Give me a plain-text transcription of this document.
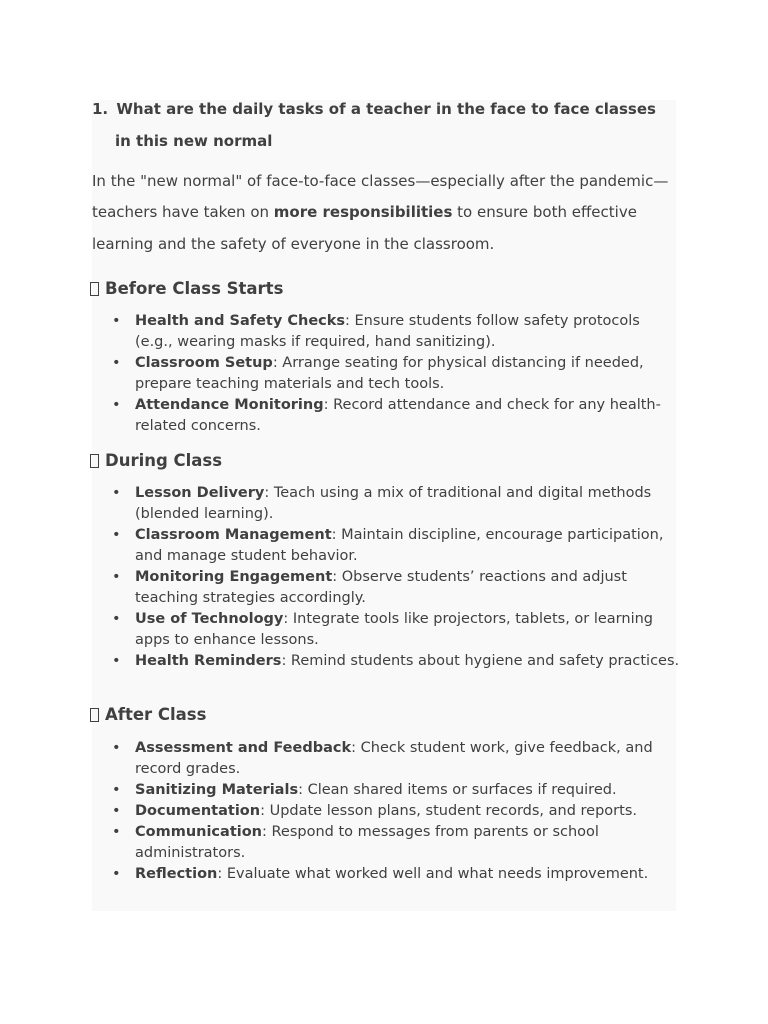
1. What are the daily tasks of a teacher in the face to face classes
in this new normal
In the "new normal" of face-to-face classes—especially after the pandemic—
teachers have taken on more responsibilities to ensure both effective
learning and the safety of everyone in the classroom.
Before Class Starts
• Health and Safety Checks: Ensure students follow safety protocols (e.g., wearing masks if required, hand sanitizing).
• Classroom Setup: Arrange seating for physical distancing if needed, prepare teaching materials and tech tools.
• Attendance Monitoring: Record attendance and check for any health-related concerns.
During Class
• Lesson Delivery: Teach using a mix of traditional and digital methods (blended learning).
• Classroom Management: Maintain discipline, encourage participation, and manage student behavior.
• Monitoring Engagement: Observe students’ reactions and adjust teaching strategies accordingly.
• Use of Technology: Integrate tools like projectors, tablets, or learning apps to enhance lessons.
• Health Reminders: Remind students about hygiene and safety practices.
After Class
• Assessment and Feedback: Check student work, give feedback, and record grades.
• Sanitizing Materials: Clean shared items or surfaces if required.
• Documentation: Update lesson plans, student records, and reports.
• Communication: Respond to messages from parents or school administrators.
• Reflection: Evaluate what worked well and what needs improvement.
